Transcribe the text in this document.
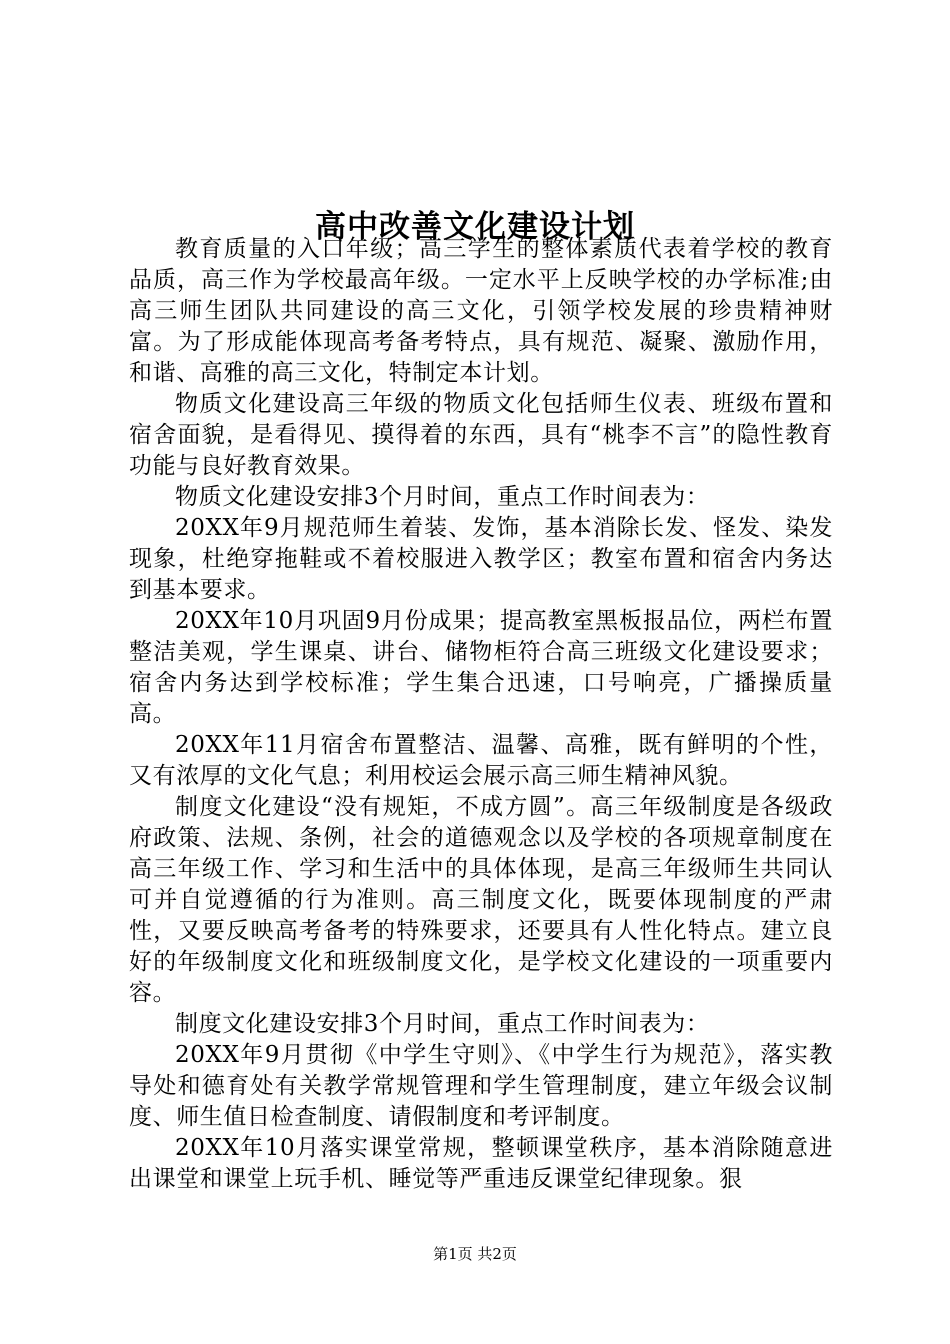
高中改善文化建设计划

教育质量的入口年级；高三学生的整体素质代表着学校的教育品质，高三作为学校最高年级。一定水平上反映学校的办学标准;由高三师生团队共同建设的高三文化，引领学校发展的珍贵精神财富。为了形成能体现高考备考特点，具有规范、凝聚、激励作用，和谐、高雅的高三文化，特制定本计划。

物质文化建设高三年级的物质文化包括师生仪表、班级布置和宿舍面貌，是看得见、摸得着的东西，具有“桃李不言”的隐性教育功能与良好教育效果。

物质文化建设安排3个月时间，重点工作时间表为：

20XX年9月规范师生着装、发饰，基本消除长发、怪发、染发现象，杜绝穿拖鞋或不着校服进入教学区；教室布置和宿舍内务达到基本要求。

20XX年10月巩固9月份成果；提高教室黑板报品位，两栏布置整洁美观，学生课桌、讲台、储物柜符合高三班级文化建设要求；宿舍内务达到学校标准；学生集合迅速，口号响亮，广播操质量高。

20XX年11月宿舍布置整洁、温馨、高雅，既有鲜明的个性，又有浓厚的文化气息；利用校运会展示高三师生精神风貌。

制度文化建设“没有规矩，不成方圆”。高三年级制度是各级政府政策、法规、条例，社会的道德观念以及学校的各项规章制度在高三年级工作、学习和生活中的具体体现，是高三年级师生共同认可并自觉遵循的行为准则。高三制度文化，既要体现制度的严肃性，又要反映高考备考的特殊要求，还要具有人性化特点。建立良好的年级制度文化和班级制度文化，是学校文化建设的一项重要内容。

制度文化建设安排3个月时间，重点工作时间表为：

20XX年9月贯彻《中学生守则》、《中学生行为规范》，落实教导处和德育处有关教学常规管理和学生管理制度，建立年级会议制度、师生值日检查制度、请假制度和考评制度。

20XX年10月落实课堂常规，整顿课堂秩序，基本消除随意进出课堂和课堂上玩手机、睡觉等严重违反课堂纪律现象。狠

第1页 共2页
